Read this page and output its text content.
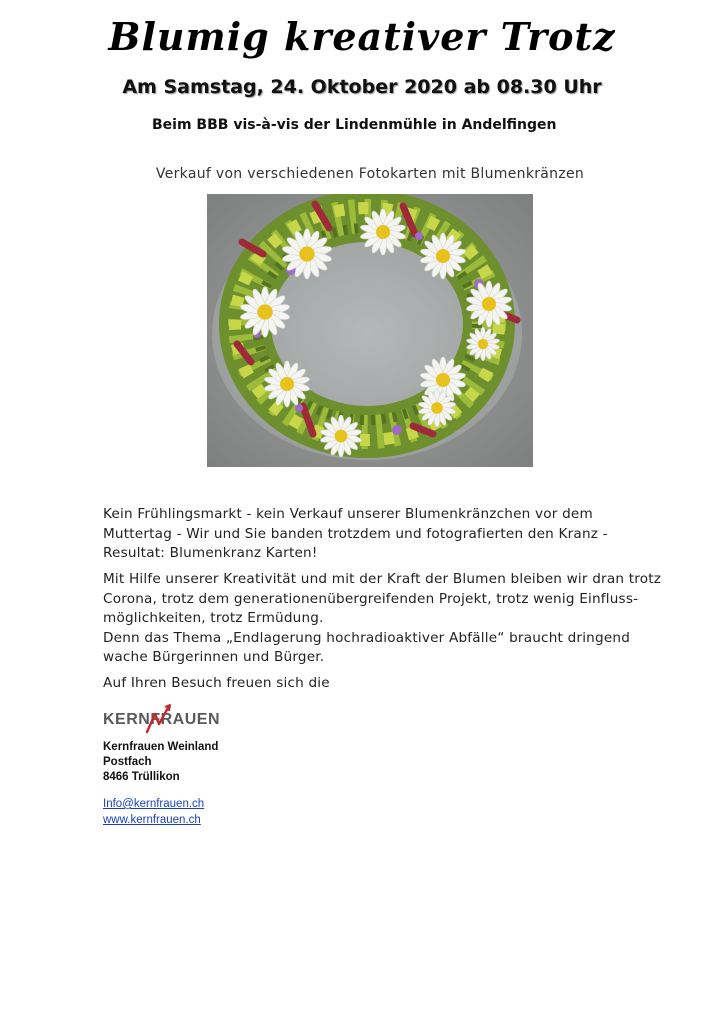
Blumig kreativer Trotz
Am Samstag, 24. Oktober 2020 ab 08.30 Uhr
Beim BBB vis-à-vis der Lindenmühle in Andelfingen
Verkauf von verschiedenen Fotokarten mit Blumenkränzen

Kein Frühlingsmarkt - kein Verkauf unserer Blumenkränzchen vor dem Muttertag - Wir und Sie banden trotzdem und fotografierten den Kranz - Resultat: Blumenkranz Karten!

Mit Hilfe unserer Kreativität und mit der Kraft der Blumen bleiben wir dran trotz Corona, trotz dem generationenübergreifenden Projekt, trotz wenig Einfluss-möglichkeiten, trotz Ermüdung.

Denn das Thema „Endlagerung hochradioaktiver Abfälle“ braucht dringend wache Bürgerinnen und Bürger.

Auf Ihren Besuch freuen sich die

KERNFRAUEN
Kernfrauen Weinland
Postfach
8466 Trüllikon
Info@kernfrauen.ch
www.kernfrauen.ch
